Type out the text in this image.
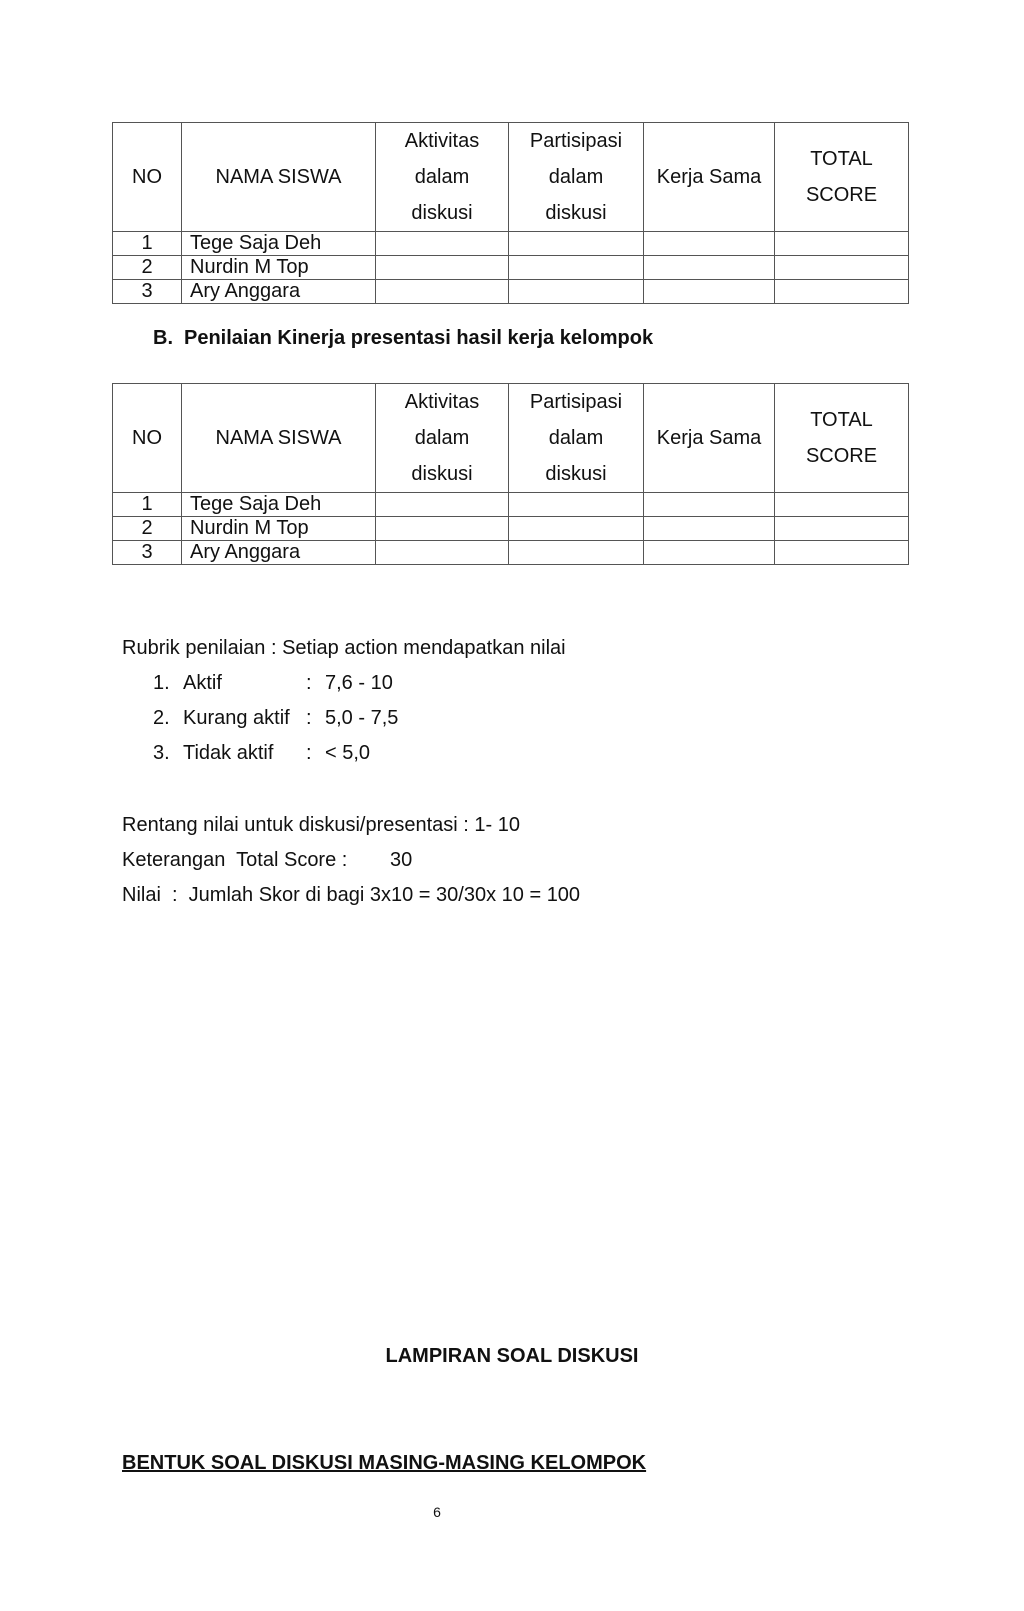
NO	NAMA SISWA	Aktivitas
dalam
diskusi	Partisipasi
dalam
diskusi	Kerja Sama	TOTAL
SCORE

1	Tege Saja Deh				
2	Nurdin M Top				
3	Ary Anggara				

B. Penilaian Kinerja presentasi hasil kerja kelompok

NO	NAMA SISWA	Aktivitas
dalam
diskusi	Partisipasi
dalam
diskusi	Kerja Sama	TOTAL
SCORE

1	Tege Saja Deh				
2	Nurdin M Top				
3	Ary Anggara				

Rubrik penilaian : Setiap action mendapatkan nilai

1. Aktif	: 7,6 - 10
2. Kurang aktif : 5,0 - 7,5
3. Tidak aktif : < 5,0

Rentang nilai untuk diskusi/presentasi : 1- 10

Keterangan  Total Score : 30

Nilai  :  Jumlah Skor di bagi 3x10 = 30/30x 10 = 100

LAMPIRAN SOAL DISKUSI

BENTUK SOAL DISKUSI MASING-MASING KELOMPOK

6
